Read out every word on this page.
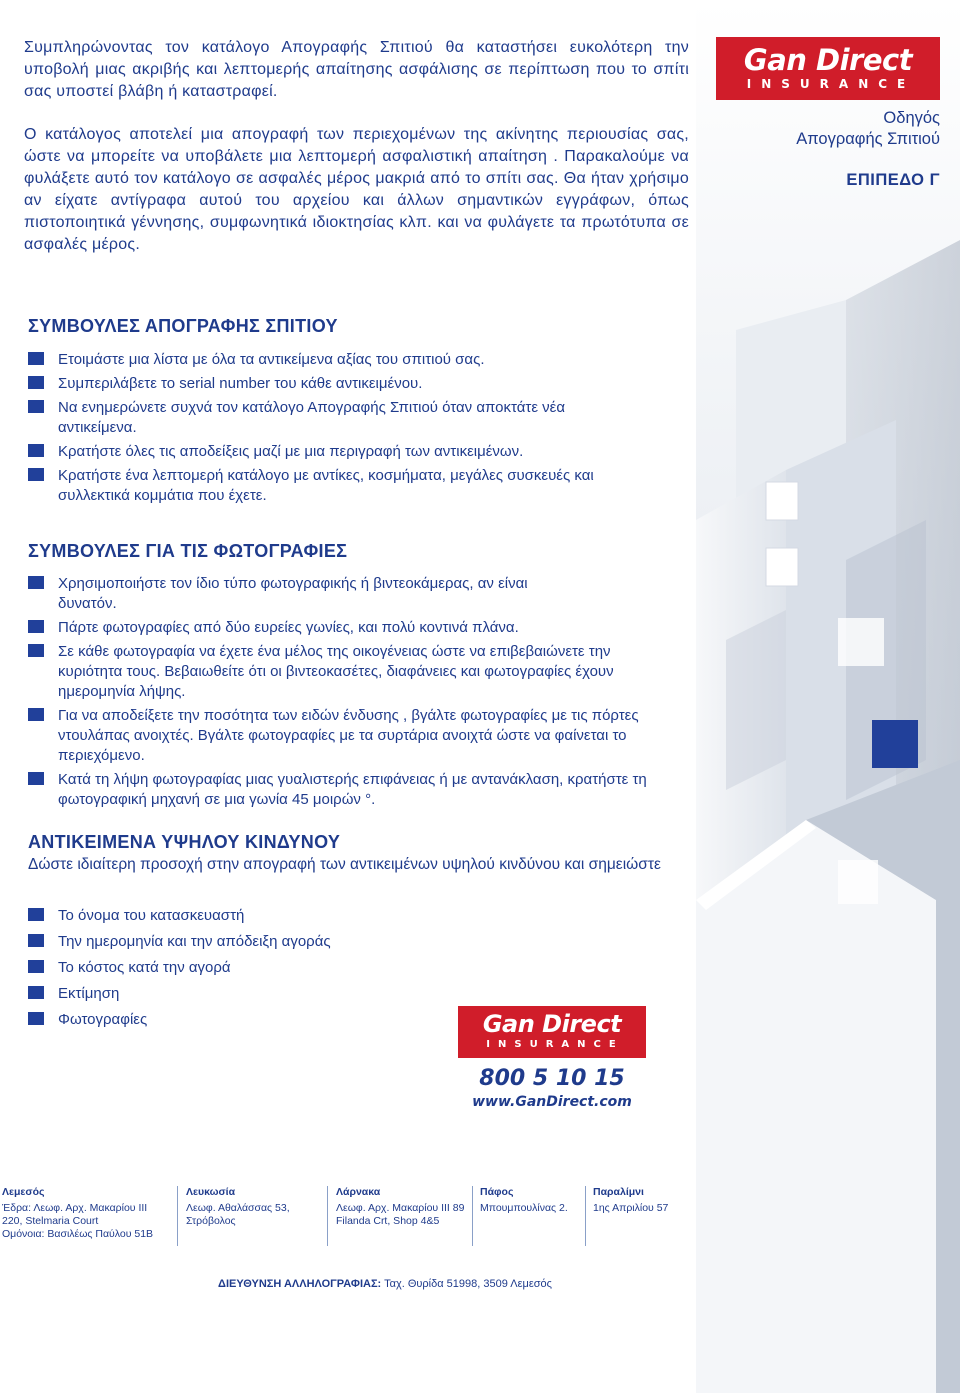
Gan Direct
INSURANCE
Οδηγός
Απογραφής Σπιτιού
ΕΠΙΠΕΔΟ Γ

Συμπληρώνοντας τον κατάλογο Απογραφής Σπιτιού θα καταστήσει ευκολότερη την υποβολή μιας ακριβής και λεπτομερής απαίτησης ασφάλισης σε περίπτωση που το σπίτι σας υποστεί βλάβη ή καταστραφεί.

Ο κατάλογος αποτελεί μια απογραφή των περιεχομένων της ακίνητης περιουσίας σας, ώστε να μπορείτε να υποβάλετε μια λεπτομερή ασφαλιστική απαίτηση . Παρακαλούμε να φυλάξετε αυτό τον κατάλογο σε ασφαλές μέρος μακριά από το σπίτι σας. Θα ήταν χρήσιμο αν είχατε αντίγραφα αυτού του αρχείου και άλλων σημαντικών εγγράφων, όπως πιστοποιητικά γέννησης, συμφωνητικά ιδιοκτησίας κλπ. και να φυλάγετε τα πρωτότυπα σε ασφαλές μέρος.

ΣΥΜΒΟΥΛΕΣ ΑΠΟΓΡΑΦΗΣ ΣΠΙΤΙΟΥ
Ετοιμάστε μια λίστα με όλα τα αντικείμενα αξίας του σπιτιού σας.
Συμπεριλάβετε το serial number του κάθε αντικειμένου.
Να ενημερώνετε συχνά τον κατάλογο Απογραφής Σπιτιού όταν αποκτάτε νέα αντικείμενα.
Κρατήστε όλες τις αποδείξεις μαζί με μια περιγραφή των αντικειμένων.
Κρατήστε ένα λεπτομερή κατάλογο με αντίκες, κοσμήματα, μεγάλες συσκευές και συλλεκτικά κομμάτια που έχετε.
ΣΥΜΒΟΥΛΕΣ ΓΙΑ ΤΙΣ ΦΩΤΟΓΡΑΦΙΕΣ
Χρησιμοποιήστε τον ίδιο τύπο φωτογραφικής ή βιντεοκάμερας, αν είναι δυνατόν.
Πάρτε φωτογραφίες από δύο ευρείες γωνίες, και πολύ κοντινά πλάνα.
Σε κάθε φωτογραφία να έχετε ένα μέλος της οικογένειας ώστε να επιβεβαιώνετε την κυριότητα τους. Βεβαιωθείτε ότι οι βιντεοκασέτες, διαφάνειες και φωτογραφίες έχουν ημερομηνία λήψης.
Για να αποδείξετε την ποσότητα των ειδών ένδυσης , βγάλτε φωτογραφίες με τις πόρτες ντουλάπας ανοιχτές. Βγάλτε φωτογραφίες με τα συρτάρια ανοιχτά ώστε να φαίνεται το περιεχόμενο.
Κατά τη λήψη φωτογραφίας μιας γυαλιστερής επιφάνειας ή με αντανάκλαση, κρατήστε τη φωτογραφική μηχανή σε μια γωνία 45 μοιρών °.
ΑΝΤΙΚΕΙΜΕΝΑ ΥΨΗΛΟΥ ΚΙΝΔΥΝΟΥ
Δώστε ιδιαίτερη προσοχή στην απογραφή των αντικειμένων υψηλού κινδύνου και σημειώστε
Το όνομα του κατασκευαστή
Την ημερομηνία και την απόδειξη αγοράς
Το κόστος κατά την αγορά
Εκτίμηση
Φωτογραφίες	Gan Direct
INSURANCE
800 5 10 15
www.GanDirect.com
Λεμεσός
Έδρα: Λεωφ. Αρχ. Μακαρίου ΙΙΙ
220, Stelmaria Court
Ομόνοια: Βασιλέως Παύλου 51Β
Λευκωσία
Λεωφ. Αθαλάσσας 53,
Στρόβολος
Λάρνακα
Λεωφ. Αρχ. Μακαρίου ΙΙΙ 89
Filanda Crt, Shop 4&5
Πάφος
Μπουμπουλίνας 2.
Παραλίμνι
1ης Απριλίου 57
ΔΙΕΥΘΥΝΣΗ ΑΛΛΗΛΟΓΡΑΦΙΑΣ: Ταχ. Θυρίδα 51998, 3509 Λεμεσός
